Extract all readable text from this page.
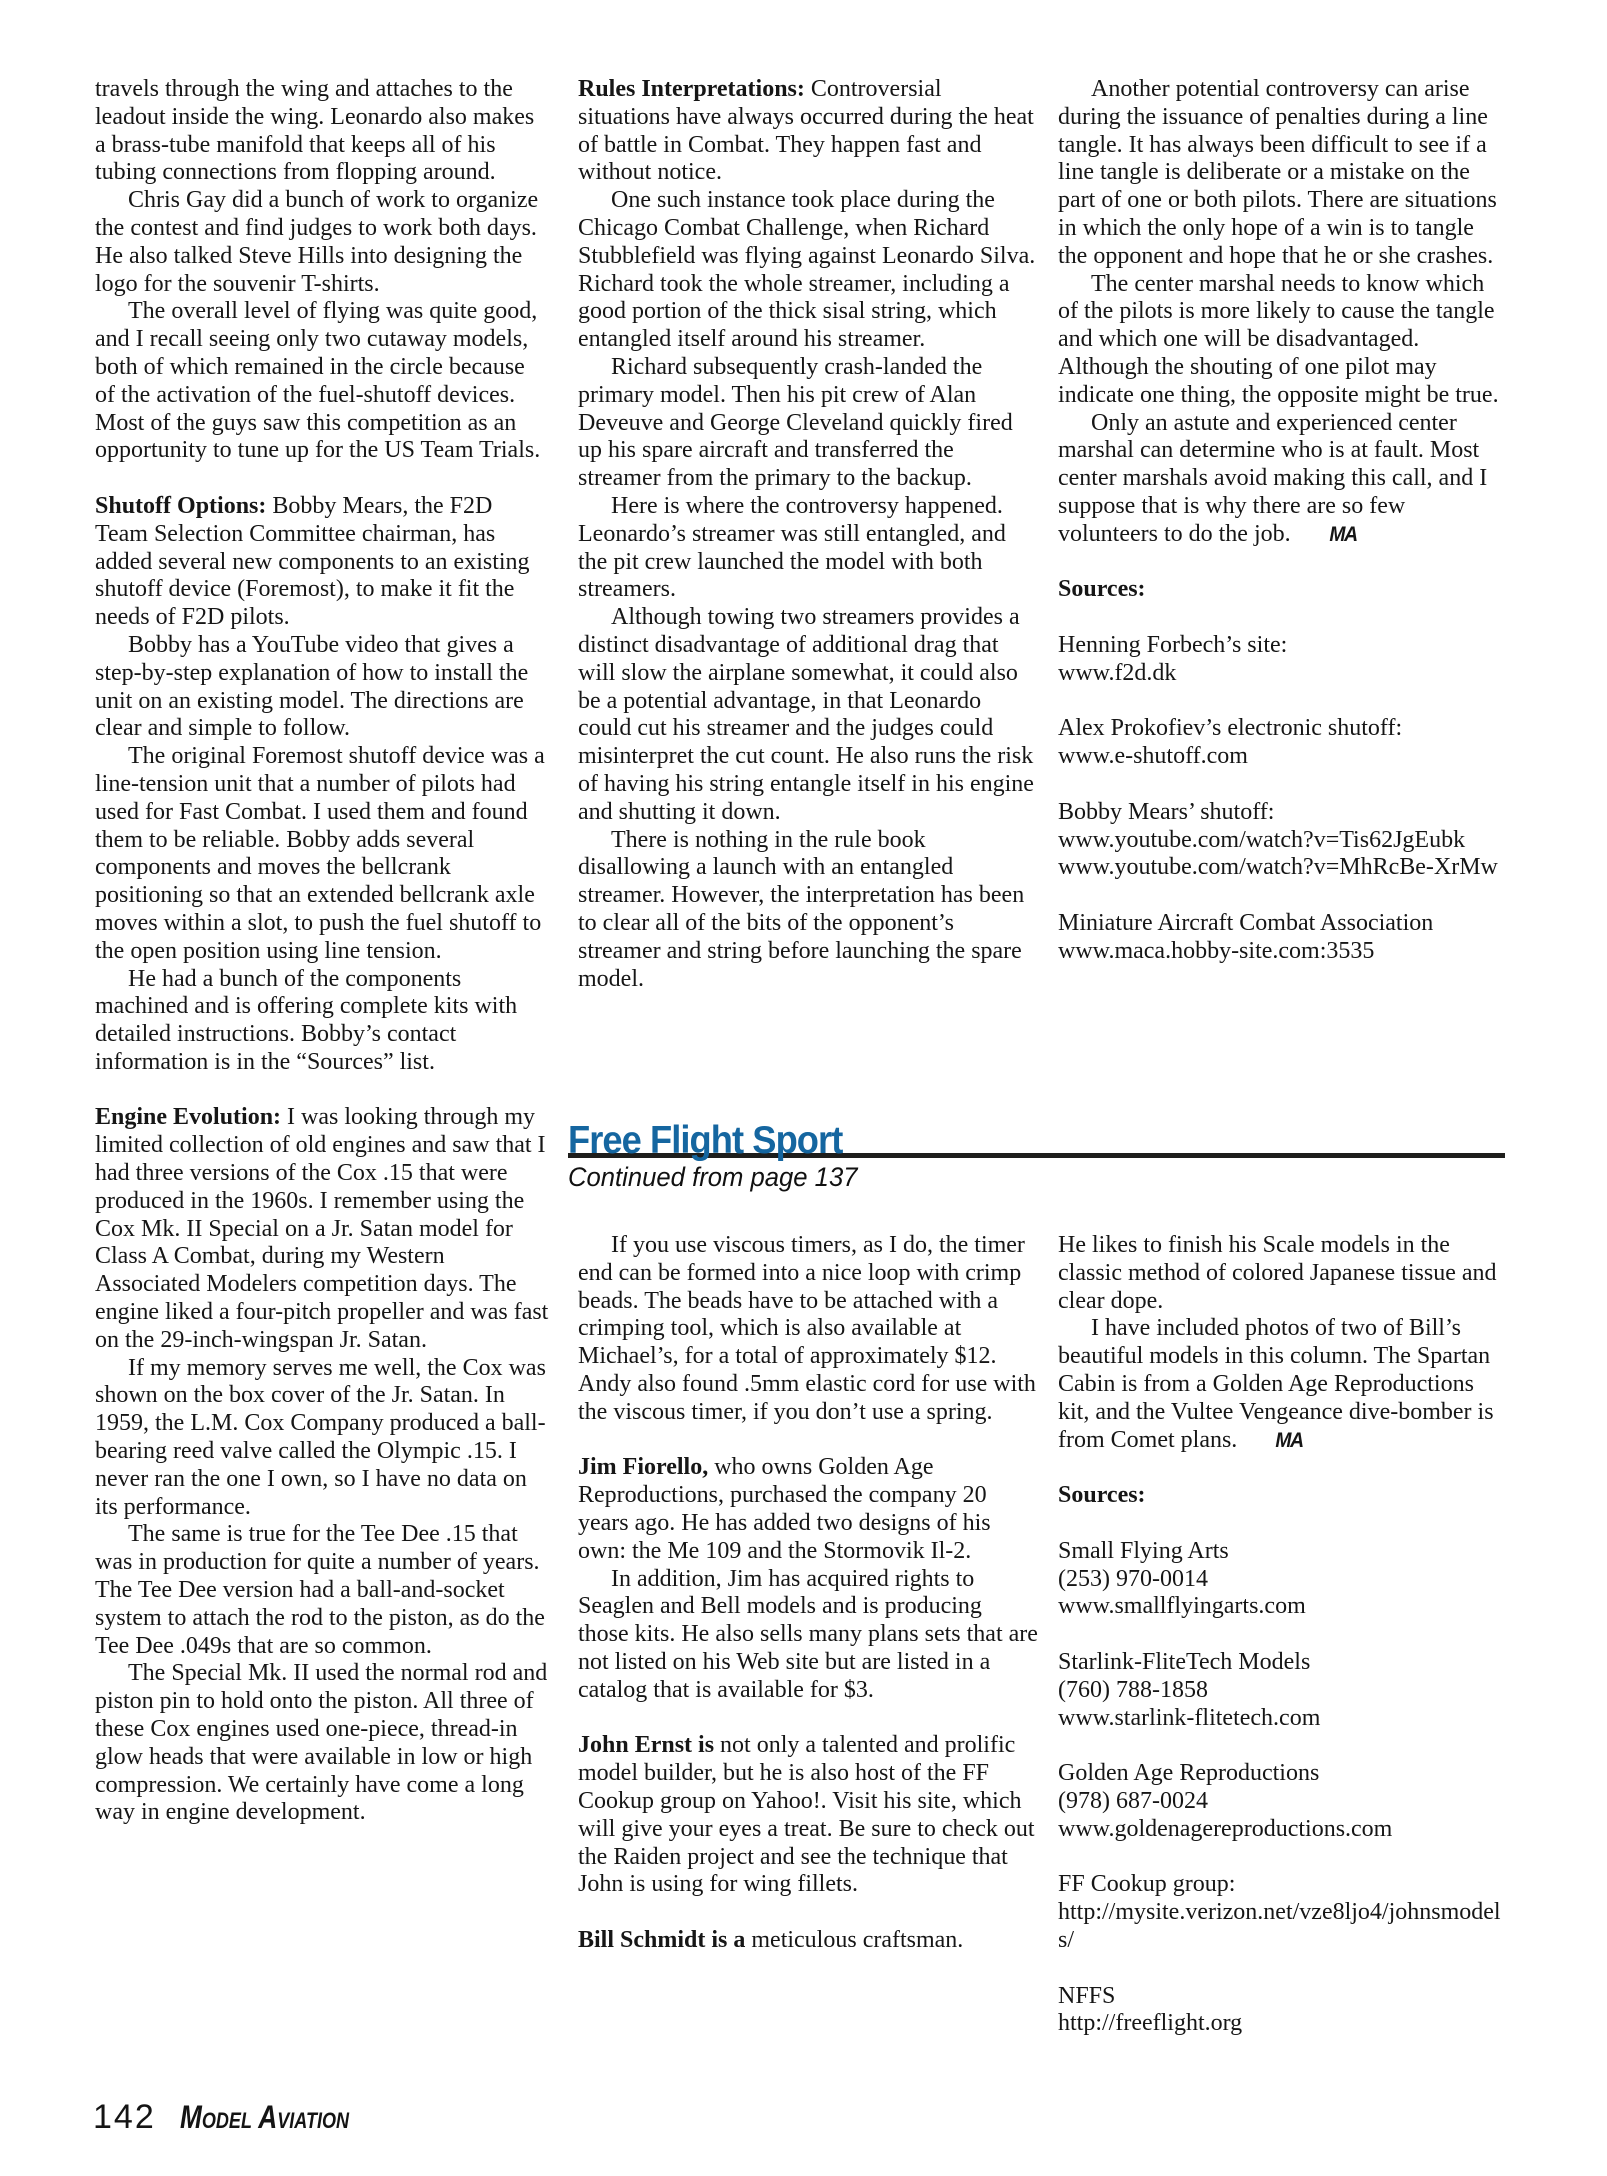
travels through the wing and attaches to the leadout inside the wing. Leonardo also makes a brass-tube manifold that keeps all of his tubing connections from flopping around.

Chris Gay did a bunch of work to organize the contest and find judges to work both days. He also talked Steve Hills into designing the logo for the souvenir T-shirts.

The overall level of flying was quite good, and I recall seeing only two cutaway models, both of which remained in the circle because of the activation of the fuel-shutoff devices. Most of the guys saw this competition as an opportunity to tune up for the US Team Trials.

Shutoff Options: Bobby Mears, the F2D Team Selection Committee chairman, has added several new components to an existing shutoff device (Foremost), to make it fit the needs of F2D pilots.

Bobby has a YouTube video that gives a step-by-step explanation of how to install the unit on an existing model. The directions are clear and simple to follow.

The original Foremost shutoff device was a line-tension unit that a number of pilots had used for Fast Combat. I used them and found them to be reliable. Bobby adds several components and moves the bellcrank positioning so that an extended bellcrank axle moves within a slot, to push the fuel shutoff to the open position using line tension.

He had a bunch of the components machined and is offering complete kits with detailed instructions. Bobby’s contact information is in the “Sources” list.

Engine Evolution: I was looking through my limited collection of old engines and saw that I had three versions of the Cox .15 that were produced in the 1960s. I remember using the Cox Mk. II Special on a Jr. Satan model for Class A Combat, during my Western Associated Modelers competition days. The engine liked a four-pitch propeller and was fast on the 29-inch-wingspan Jr. Satan.

If my memory serves me well, the Cox was shown on the box cover of the Jr. Satan. In 1959, the L.M. Cox Company produced a ball-bearing reed valve called the Olympic .15. I never ran the one I own, so I have no data on its performance.

The same is true for the Tee Dee .15 that was in production for quite a number of years. The Tee Dee version had a ball-and-socket system to attach the rod to the piston, as do the Tee Dee .049s that are so common.

The Special Mk. II used the normal rod and piston pin to hold onto the piston. All three of these Cox engines used one-piece, thread-in glow heads that were available in low or high compression. We certainly have come a long way in engine development.

Rules Interpretations: Controversial situations have always occurred during the heat of battle in Combat. They happen fast and without notice.

One such instance took place during the Chicago Combat Challenge, when Richard Stubblefield was flying against Leonardo Silva. Richard took the whole streamer, including a good portion of the thick sisal string, which entangled itself around his streamer.

Richard subsequently crash-landed the primary model. Then his pit crew of Alan Deveuve and George Cleveland quickly fired up his spare aircraft and transferred the streamer from the primary to the backup.

Here is where the controversy happened. Leonardo’s streamer was still entangled, and the pit crew launched the model with both streamers.

Although towing two streamers provides a distinct disadvantage of additional drag that will slow the airplane somewhat, it could also be a potential advantage, in that Leonardo could cut his streamer and the judges could misinterpret the cut count. He also runs the risk of having his string entangle itself in his engine and shutting it down.

There is nothing in the rule book disallowing a launch with an entangled streamer. However, the interpretation has been to clear all of the bits of the opponent’s streamer and string before launching the spare model.

Another potential controversy can arise during the issuance of penalties during a line tangle. It has always been difficult to see if a line tangle is deliberate or a mistake on the part of one or both pilots. There are situations in which the only hope of a win is to tangle the opponent and hope that he or she crashes.

The center marshal needs to know which of the pilots is more likely to cause the tangle and which one will be disadvantaged. Although the shouting of one pilot may indicate one thing, the opposite might be true.

Only an astute and experienced center marshal can determine who is at fault. Most center marshals avoid making this call, and I suppose that is why there are so few volunteers to do the job. MA

Sources:

Henning Forbech’s site:
www.f2d.dk
Alex Prokofiev’s electronic shutoff:
www.e-shutoff.com
Bobby Mears’ shutoff:
www.youtube.com/watch?v=Tis62JgEubk
www.youtube.com/watch?v=MhRcBe-XrMw
Miniature Aircraft Combat Association
www.maca.hobby-site.com:3535
Free Flight Sport
Continued from page 137

If you use viscous timers, as I do, the timer end can be formed into a nice loop with crimp beads. The beads have to be attached with a crimping tool, which is also available at Michael’s, for a total of approximately $12. Andy also found .5mm elastic cord for use with the viscous timer, if you don’t use a spring.

Jim Fiorello, who owns Golden Age Reproductions, purchased the company 20 years ago. He has added two designs of his own: the Me 109 and the Stormovik Il-2.

In addition, Jim has acquired rights to Seaglen and Bell models and is producing those kits. He also sells many plans sets that are not listed on his Web site but are listed in a catalog that is available for $3.

John Ernst is not only a talented and prolific model builder, but he is also host of the FF Cookup group on Yahoo!. Visit his site, which will give your eyes a treat. Be sure to check out the Raiden project and see the technique that John is using for wing fillets.

Bill Schmidt is a meticulous craftsman.

He likes to finish his Scale models in the classic method of colored Japanese tissue and clear dope.

I have included photos of two of Bill’s beautiful models in this column. The Spartan Cabin is from a Golden Age Reproductions kit, and the Vultee Vengeance dive-bomber is from Comet plans. MA

Sources:

Small Flying Arts
(253) 970-0014
www.smallflyingarts.com
Starlink-FliteTech Models
(760) 788-1858
www.starlink-flitetech.com
Golden Age Reproductions
(978) 687-0024
www.goldenagereproductions.com
FF Cookup group:
http://mysite.verizon.net/vze8ljo4/johnsmodels/
NFFS
http://freeflight.org
142 Model Aviation
